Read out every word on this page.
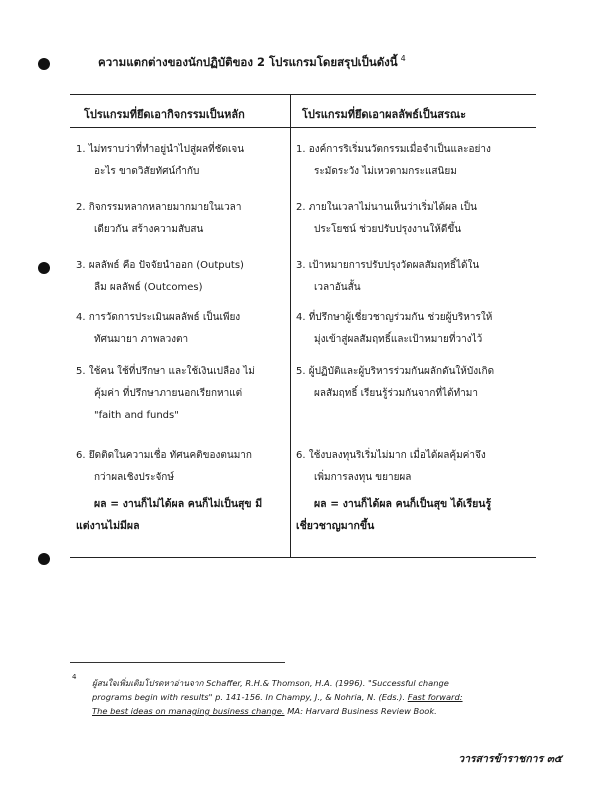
ความแตกต่างของนักปฏิบัติของ 2 โปรแกรมโดยสรุปเป็นดังนี้ $^4$
โปรแกรมที่ยึดเอากิจกรรมเป็นหลัก	โปรแกรมที่ยึดเอาผลลัพธ์เป็นสรณะ
1. ไม่ทราบว่าที่ทำอยู่นำไปสู่ผลที่ชัดเจน
อะไร ขาดวิสัยทัศน์กำกับ
2. กิจกรรมหลากหลายมากมายในเวลา
เดียวกัน สร้างความสับสน
3. ผลลัพธ์ คือ ปัจจัยนำออก (Outputs)
ลืม ผลลัพธ์ (Outcomes)
4. การวัดการประเมินผลลัพธ์ เป็นเพียง
ทัศนมายา ภาพลวงตา
5. ใช้คน ใช้ที่ปรึกษา และใช้เงินเปลือง ไม่
คุ้มค่า ที่ปรึกษาภายนอกเรียกหาแต่
"faith and funds"
6. ยึดติดในความเชื่อ ทัศนคติของตนมาก
กว่าผลเชิงประจักษ์
ผล = งานก็ไม่ได้ผล คนก็ไม่เป็นสุข มี
แต่งานไม่มีผล
1. องค์การริเริ่มนวัตกรรมเมื่อจำเป็นและอย่าง
ระมัดระวัง ไม่เหวตามกระแสนิยม
2. ภายในเวลาไม่นานเห็นว่าเริ่มได้ผล เป็น
ประโยชน์ ช่วยปรับปรุงงานให้ดีขึ้น
3. เป้าหมายการปรับปรุงวัดผลสัมฤทธิ์ได้ใน
เวลาอันสั้น
4. ที่ปรึกษาผู้เชี่ยวชาญร่วมกัน ช่วยผู้บริหารให้
มุ่งเข้าสู่ผลสัมฤทธิ์และเป้าหมายที่วางไว้
5. ผู้ปฏิบัติและผู้บริหารร่วมกันผลักดันให้บังเกิด
ผลสัมฤทธิ์ เรียนรู้ร่วมกันจากที่ได้ทำมา
6. ใช้งบลงทุนริเริ่มไม่มาก เมื่อได้ผลคุ้มค่าจึง
เพิ่มการลงทุน ขยายผล
ผล = งานก็ได้ผล คนก็เป็นสุข ได้เรียนรู้
เชี่ยวชาญมากขึ้น
4
ผู้สนใจเพิ่มเติมโปรดหาอ่านจาก Schaffer, R.H.& Thomson, H.A. (1996). "Successful change
programs begin with results" p. 141-156. In Champy, J., & Nohria, N. (Eds.). Fast forward:
The best ideas on managing business change. MA: Harvard Business Review Book.
วารสารข้าราชการ ๓๕
